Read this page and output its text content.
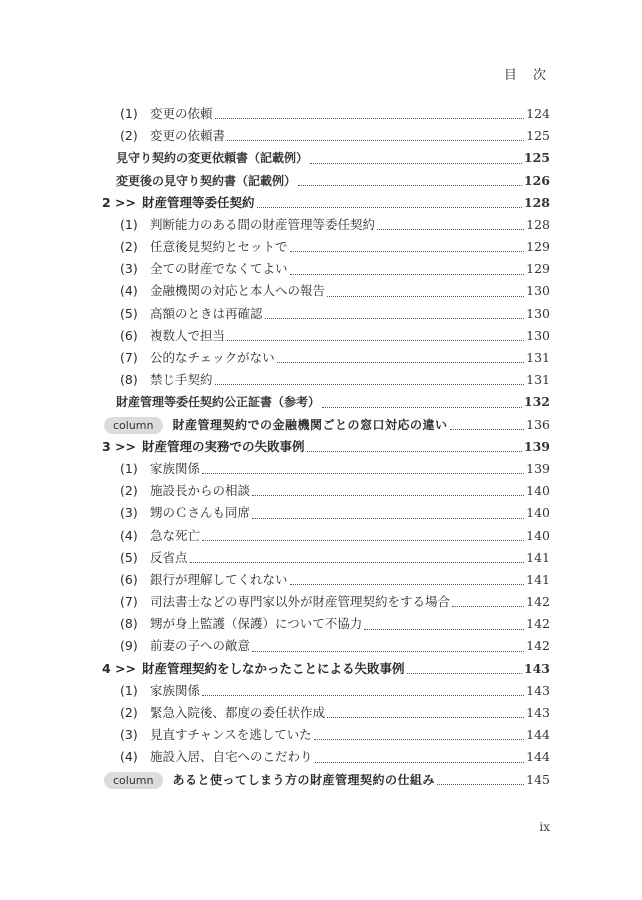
目 次
(1) 変更の依頼	124
(2) 変更の依頼書	125
見守り契約の変更依頼書（記載例）	125
変更後の見守り契約書（記載例）	126
2 >> 財産管理等委任契約	128
(1) 判断能力のある間の財産管理等委任契約	128
(2) 任意後見契約とセットで	129
(3) 全ての財産でなくてよい	129
(4) 金融機関の対応と本人への報告	130
(5) 高額のときは再確認	130
(6) 複数人で担当	130
(7) 公的なチェックがない	131
(8) 禁じ手契約	131
財産管理等委任契約公正証書（参考）	132
column	財産管理契約での金融機関ごとの窓口対応の違い	136
3 >> 財産管理の実務での失敗事例	139
(1) 家族関係	139
(2) 施設長からの相談	140
(3) 甥のＣさんも同席	140
(4) 急な死亡	140
(5) 反省点	141
(6) 銀行が理解してくれない	141
(7) 司法書士などの専門家以外が財産管理契約をする場合	142
(8) 甥が身上監護（保護）について不協力	142
(9) 前妻の子への敵意	142
4 >> 財産管理契約をしなかったことによる失敗事例	143
(1) 家族関係	143
(2) 緊急入院後、都度の委任状作成	143
(3) 見直すチャンスを逃していた	144
(4) 施設入居、自宅へのこだわり	144
column	あると使ってしまう方の財産管理契約の仕組み	145
ix
